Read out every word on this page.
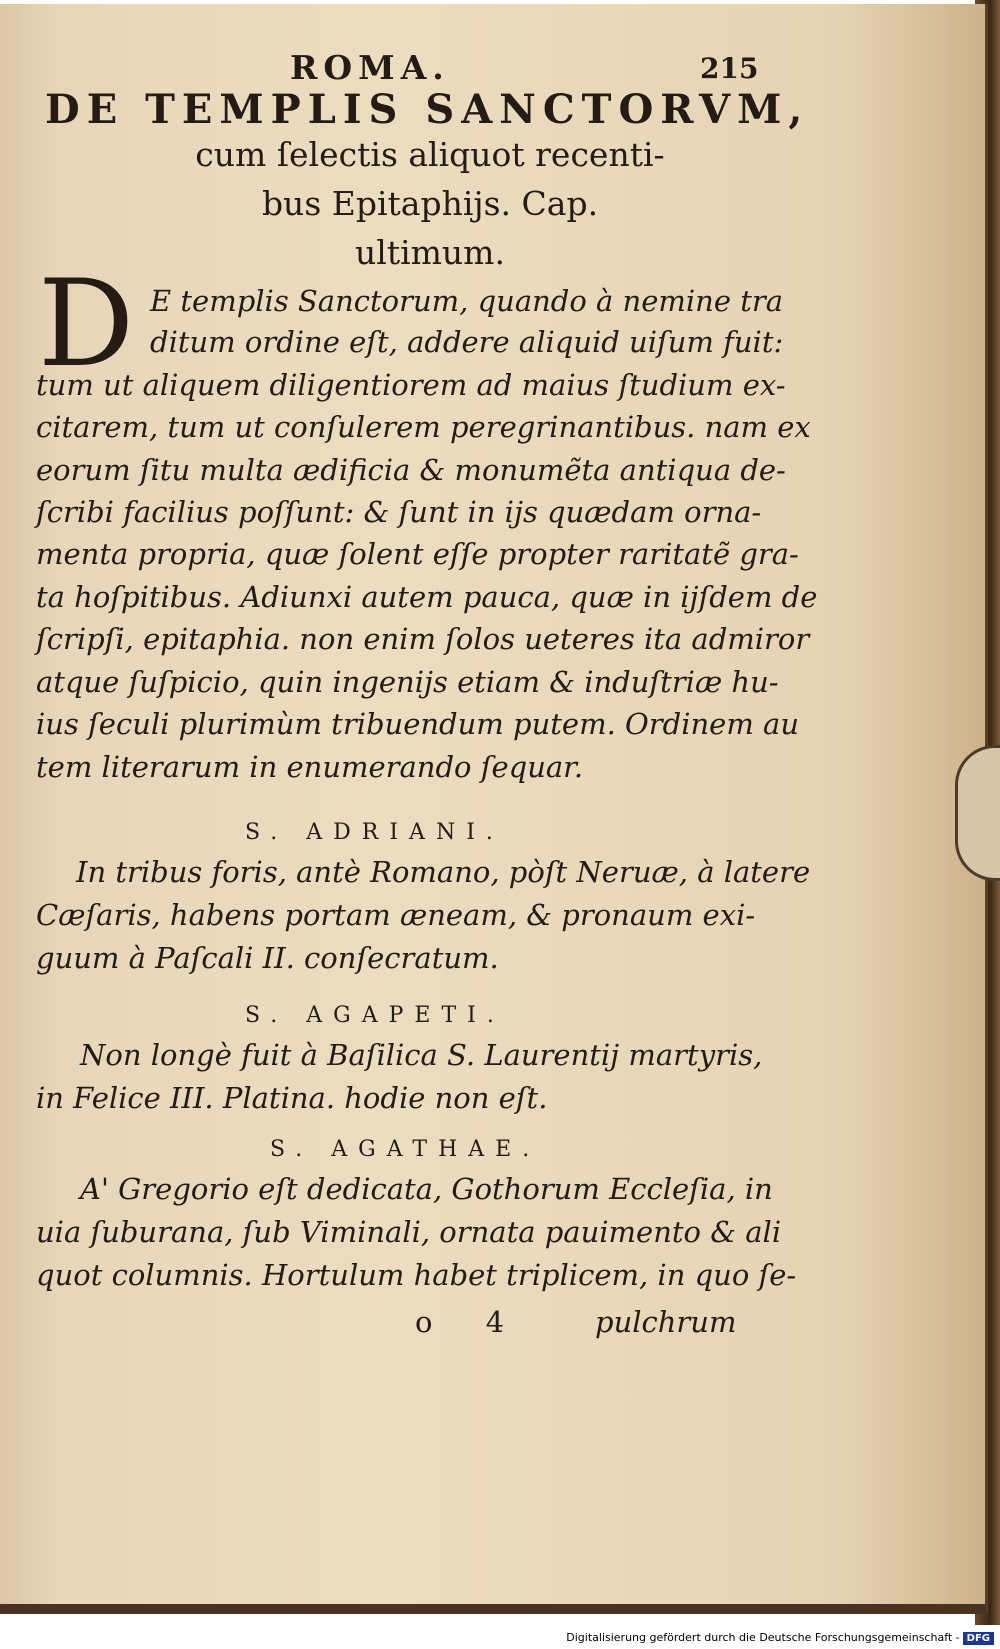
ROMA.	215
DE TEMPLIS SANCTORVM,
cum ſelectis aliquot recenti-
bus Epitaphijs. Cap.
ultimum.
D E templis Sanctorum, quando à nemine tra
ditum ordine eſt, addere aliquid uiſum fuit:
tum ut aliquem diligentiorem ad maius ſtudium ex-
citarem, tum ut conſulerem peregrinantibus. nam ex
eorum ſitu multa ædificia & monumẽta antiqua de-
ſcribi facilius poſſunt: & ſunt in ijs quædam orna-
menta propria, quæ ſolent eſſe propter raritatẽ gra-
ta hoſpitibus. Adiunxi autem pauca, quæ in ijſdem de
ſcripſi, epitaphia. non enim ſolos ueteres ita admiror
atque ſuſpicio, quin ingenijs etiam & induſtriæ hu-
ius ſeculi plurimùm tribuendum putem. Ordinem au
tem literarum in enumerando ſequar.
S. ADRIANI.
In tribus foris, antè Romano, pòſt Neruæ, à latere
Cæſaris, habens portam æneam, & pronaum exi-
guum à Paſcali II. conſecratum.
S. AGAPETI.
Non longè fuit à Baſilica S. Laurentij martyris,
in Felice III. Platina. hodie non eſt.
S. AGATHAE.
A' Gregorio eſt dedicata, Gothorum Eccleſia, in
uia ſuburana, ſub Viminali, ornata pauimento & ali
quot columnis. Hortulum habet triplicem, in quo ſe-
o 4 pulchrum
Digitalisierung gefördert durch die Deutsche Forschungsgemeinschaft - DFG
